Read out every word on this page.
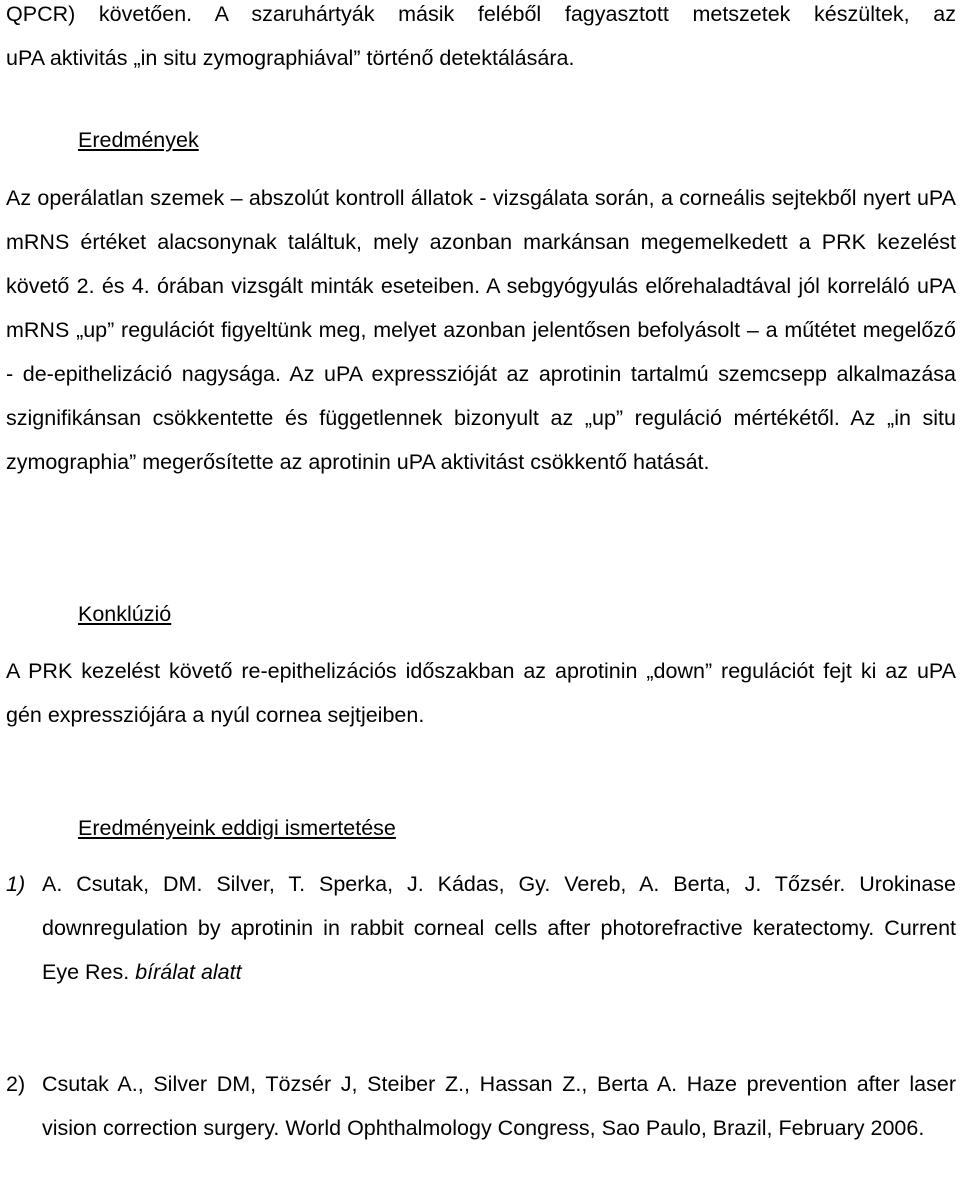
QPCR) követően. A szaruhártyák másik feléből fagyasztott metszetek készültek, az

uPA aktivitás „in situ zymographiával” történő detektálására.

Eredmények

Az operálatlan szemek – abszolút kontroll állatok - vizsgálata során, a corneális sejtekből nyert uPA mRNS értéket alacsonynak találtuk, mely azonban markánsan megemelkedett a PRK kezelést követő 2. és 4. órában vizsgált minták eseteiben. A sebgyógyulás előrehaladtával jól korreláló uPA mRNS „up” regulációt figyeltünk meg, melyet azonban jelentősen befolyásolt – a műtétet megelőző - de-epithelizáció nagysága. Az uPA expresszióját az aprotinin tartalmú szemcsepp alkalmazása szignifikánsan csökkentette és függetlennek bizonyult az „up” reguláció mértékétől. Az „in situ zymographia” megerősítette az aprotinin uPA aktivitást csökkentő hatását.

Konklúzió

A PRK kezelést követő re-epithelizációs időszakban az aprotinin „down” regulációt fejt ki az uPA gén expressziójára a nyúl cornea sejtjeiben.

Eredményeink eddigi ismertetése

1) A. Csutak, DM. Silver, T. Sperka, J. Kádas, Gy. Vereb, A. Berta, J. Tőzsér. Urokinase downregulation by aprotinin in rabbit corneal cells after photorefractive keratectomy. Current Eye Res. bírálat alatt
2) Csutak A., Silver DM, Tözsér J, Steiber Z., Hassan Z., Berta A. Haze prevention after laser vision correction surgery. World Ophthalmology Congress, Sao Paulo, Brazil, February 2006.
